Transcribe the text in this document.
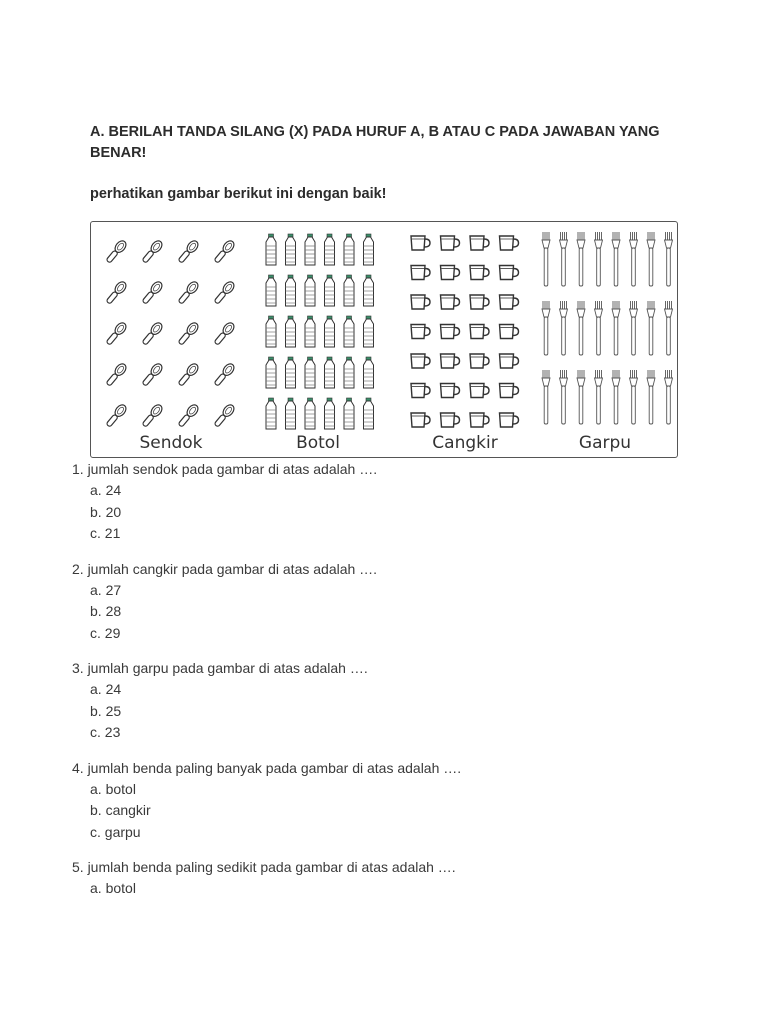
A. BERILAH TANDA SILANG (X) PADA HURUF A, B ATAU C PADA JAWABAN YANG BENAR!

perhatikan gambar berikut ini dengan baik!

Sendok	Botol	Cangkir	Garpu
1. jumlah sendok pada gambar di atas adalah ….
a. 24
b. 20
c. 21
2. jumlah cangkir pada gambar di atas adalah ….
a. 27
b. 28
c. 29
3. jumlah garpu pada gambar di atas adalah ….
a. 24
b. 25
c. 23
4. jumlah benda paling banyak pada gambar di atas adalah ….
a. botol
b. cangkir
c. garpu
5. jumlah benda paling sedikit pada gambar di atas adalah ….
a. botol
